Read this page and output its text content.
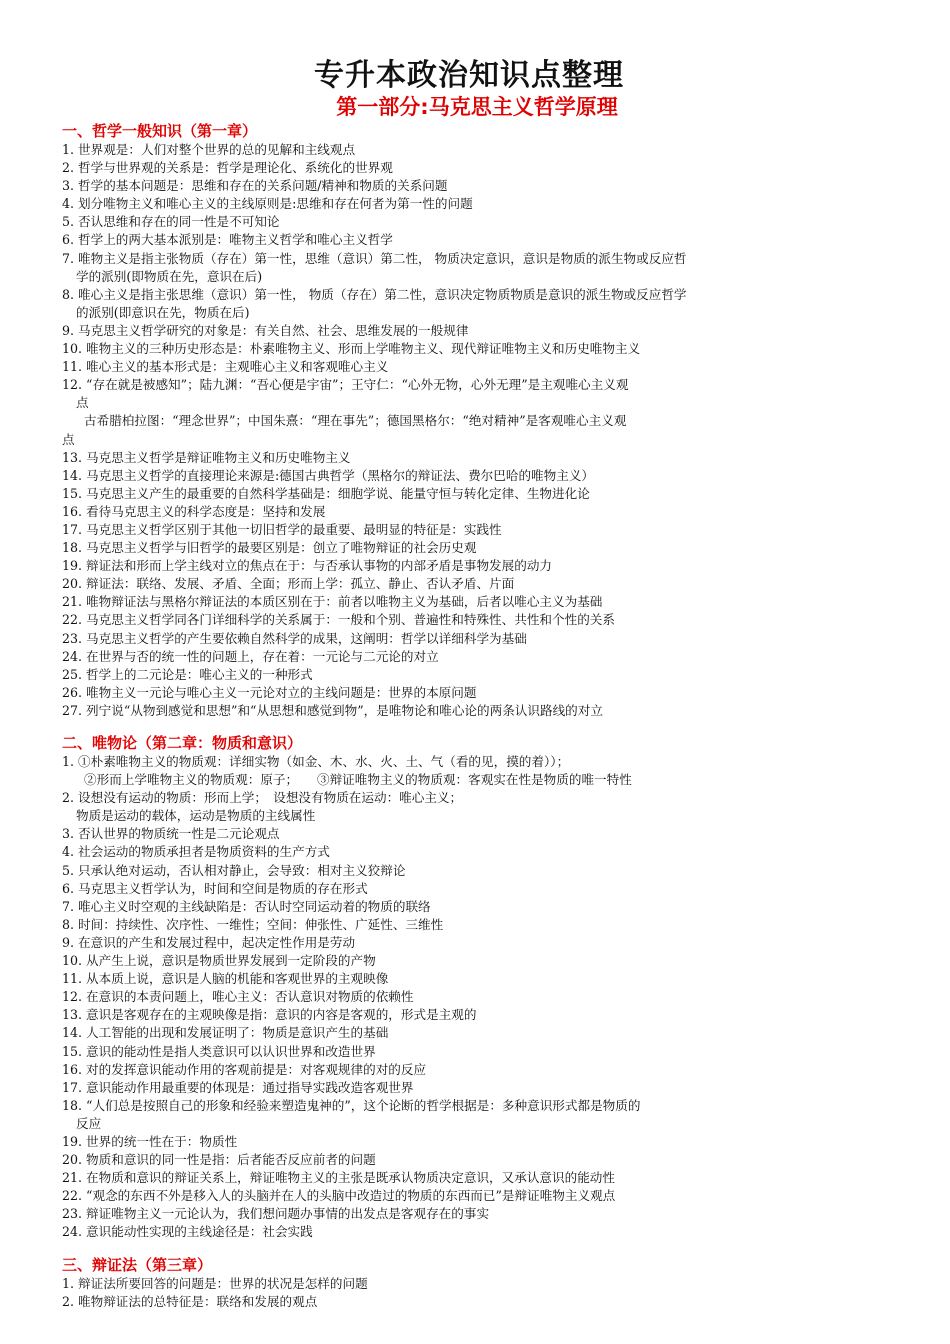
专升本政治知识点整理
第一部分:马克思主义哲学原理
一、哲学一般知识（第一章）
1. 世界观是：人们对整个世界的总的见解和主线观点
2. 哲学与世界观的关系是：哲学是理论化、系统化的世界观
3. 哲学的基本问题是：思维和存在的关系问题/精神和物质的关系问题
4. 划分唯物主义和唯心主义的主线原则是:思维和存在何者为第一性的问题
5. 否认思维和存在的同一性是不可知论
6. 哲学上的两大基本派别是：唯物主义哲学和唯心主义哲学
7. 唯物主义是指主张物质（存在）第一性，思维（意识）第二性， 物质决定意识，意识是物质的派生物或反应哲
学的派别(即物质在先，意识在后)
8. 唯心主义是指主张思维（意识）第一性， 物质（存在）第二性，意识决定物质物质是意识的派生物或反应哲学
的派别(即意识在先，物质在后)
9. 马克思主义哲学研究的对象是：有关自然、社会、思维发展的一般规律
10. 唯物主义的三种历史形态是：朴素唯物主义、形而上学唯物主义、现代辩证唯物主义和历史唯物主义
11. 唯心主义的基本形式是：主观唯心主义和客观唯心主义
12. “存在就是被感知”；陆九渊：“吾心便是宇宙”；王守仁：“心外无物，心外无理”是主观唯心主义观
点
古希腊柏拉图：“理念世界”；中国朱熹：“理在事先”；德国黑格尔：“绝对精神”是客观唯心主义观
点
13. 马克思主义哲学是辩证唯物主义和历史唯物主义
14. 马克思主义哲学的直接理论来源是:德国古典哲学（黑格尔的辩证法、费尔巴哈的唯物主义）
15. 马克思主义产生的最重要的自然科学基础是：细胞学说、能量守恒与转化定律、生物进化论
16. 看待马克思主义的科学态度是：坚持和发展
17. 马克思主义哲学区别于其他一切旧哲学的最重要、最明显的特征是：实践性
18. 马克思主义哲学与旧哲学的最要区别是：创立了唯物辩证的社会历史观
19. 辩证法和形而上学主线对立的焦点在于：与否承认事物的内部矛盾是事物发展的动力
20. 辩证法：联络、发展、矛盾、全面；形而上学：孤立、静止、否认矛盾、片面
21. 唯物辩证法与黑格尔辩证法的本质区别在于：前者以唯物主义为基础，后者以唯心主义为基础
22. 马克思主义哲学同各门详细科学的关系属于：一般和个别、普遍性和特殊性、共性和个性的关系
23. 马克思主义哲学的产生要依赖自然科学的成果，这阐明：哲学以详细科学为基础
24. 在世界与否的统一性的问题上，存在着：一元论与二元论的对立
25. 哲学上的二元论是：唯心主义的一种形式
26. 唯物主义一元论与唯心主义一元论对立的主线问题是：世界的本原问题
27. 列宁说“从物到感觉和思想”和“从思想和感觉到物”，是唯物论和唯心论的两条认识路线的对立
二、唯物论（第二章：物质和意识）
1. ①朴素唯物主义的物质观：详细实物（如金、木、水、火、土、气（看的见，摸的着））；
②形而上学唯物主义的物质观：原子；　　③辩证唯物主义的物质观：客观实在性是物质的唯一特性
2. 设想没有运动的物质：形而上学；　设想没有物质在运动：唯心主义；
物质是运动的载体，运动是物质的主线属性
3. 否认世界的物质统一性是二元论观点
4. 社会运动的物质承担者是物质资料的生产方式
5. 只承认绝对运动，否认相对静止，会导致：相对主义狡辩论
6. 马克思主义哲学认为，时间和空间是物质的存在形式
7. 唯心主义时空观的主线缺陷是：否认时空同运动着的物质的联络
8. 时间：持续性、次序性、一维性；空间：伸张性、广延性、三维性
9. 在意识的产生和发展过程中，起决定性作用是劳动
10. 从产生上说，意识是物质世界发展到一定阶段的产物
11. 从本质上说，意识是人脑的机能和客观世界的主观映像
12. 在意识的本责问题上，唯心主义：否认意识对物质的依赖性
13. 意识是客观存在的主观映像是指：意识的内容是客观的，形式是主观的
14. 人工智能的出现和发展证明了：物质是意识产生的基础
15. 意识的能动性是指人类意识可以认识世界和改造世界
16. 对的发挥意识能动作用的客观前提是：对客观规律的对的反应
17. 意识能动作用最重要的体现是：通过指导实践改造客观世界
18. “人们总是按照自己的形象和经验来塑造鬼神的”，这个论断的哲学根据是：多种意识形式都是物质的
反应
19. 世界的统一性在于：物质性
20. 物质和意识的同一性是指：后者能否反应前者的问题
21. 在物质和意识的辩证关系上，辩证唯物主义的主张是既承认物质决定意识，又承认意识的能动性
22. “观念的东西不外是移入人的头脑并在人的头脑中改造过的物质的东西而已”是辩证唯物主义观点
23. 辩证唯物主义一元论认为，我们想问题办事情的出发点是客观存在的事实
24. 意识能动性实现的主线途径是：社会实践
三、辩证法（第三章）
1. 辩证法所要回答的问题是：世界的状况是怎样的问题
2. 唯物辩证法的总特征是：联络和发展的观点
